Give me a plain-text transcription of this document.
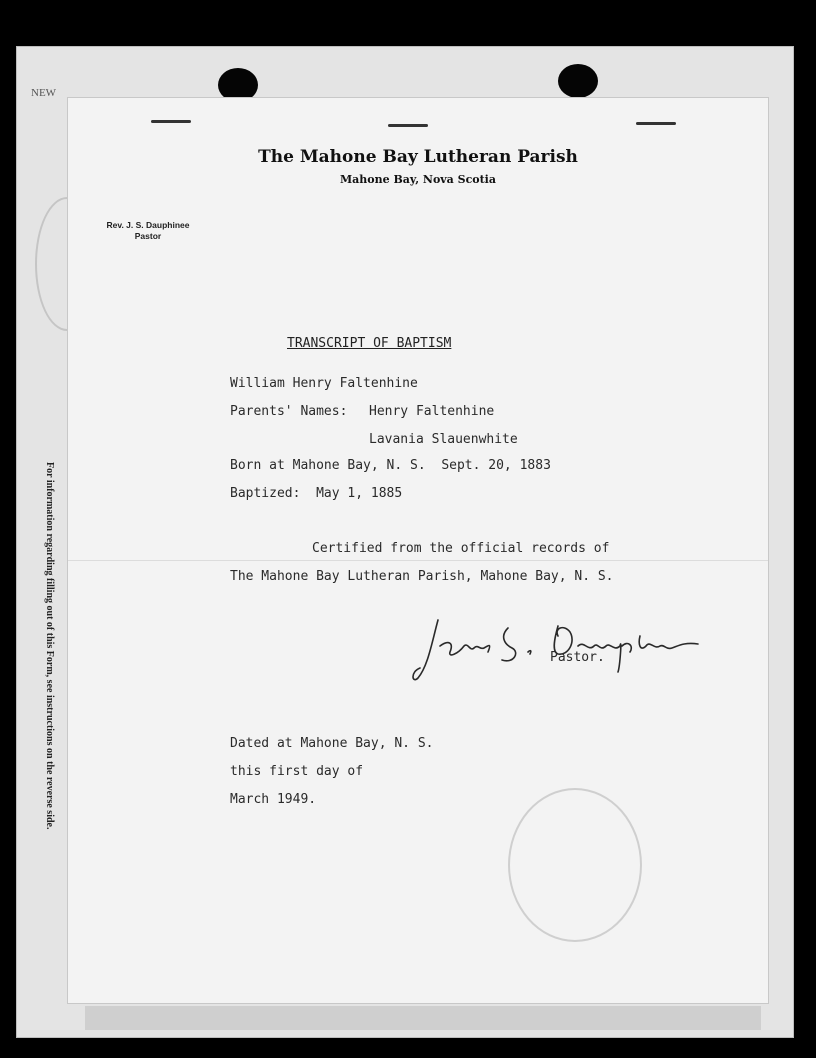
NEW
For information regarding filling out of this Form, see instructions on the reverse side.
The Mahone Bay Lutheran Parish
Mahone Bay, Nova Scotia
Rev. J. S. Dauphinee
Pastor
TRANSCRIPT OF BAPTISM
William Henry Faltenhine
Parents' Names: Henry Faltenhine
Lavania Slauenwhite
Born at Mahone Bay, N. S.  Sept. 20, 1883
Baptized:  May 1, 1885
Certified from the official records of
The Mahone Bay Lutheran Parish, Mahone Bay, N. S.
Pastor.
Dated at Mahone Bay, N. S.
this first day of
March 1949.
